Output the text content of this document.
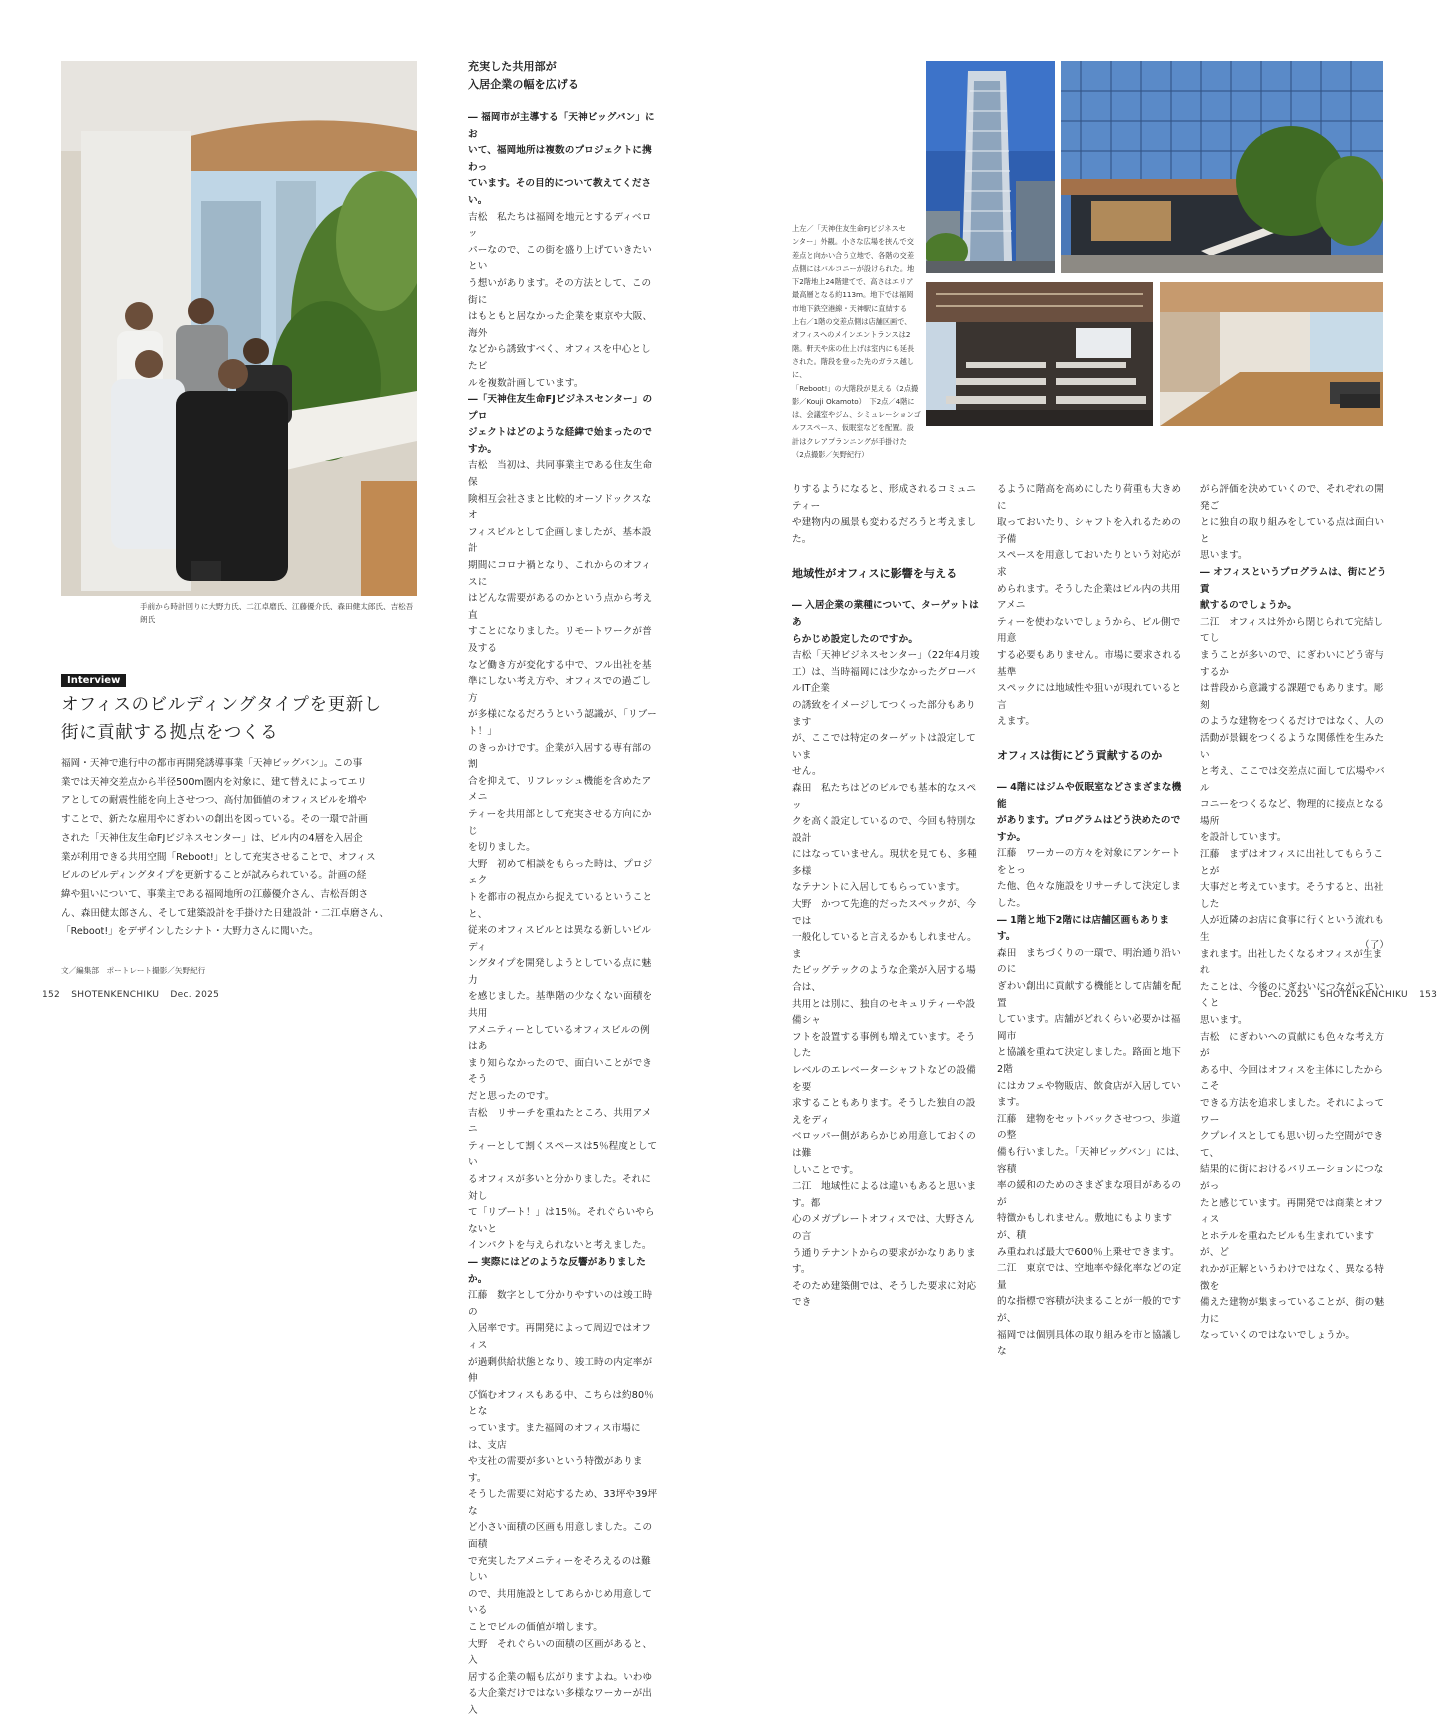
手前から時計回りに大野力氏、二江卓磨氏、江藤優介氏、森田健太郎氏、吉松吾朗氏
Interview
オフィスのビルディングタイプを更新し
街に貢献する拠点をつくる
福岡・天神で進行中の都市再開発誘導事業「天神ビッグバン」。この事
業では天神交差点から半径500m圏内を対象に、建て替えによってエリ
アとしての耐震性能を向上させつつ、高付加価値のオフィスビルを増や
すことで、新たな雇用やにぎわいの創出を図っている。その一環で計画
された「天神住友生命FJビジネスセンター」は、ビル内の4層を入居企
業が利用できる共用空間「Reboot!」として充実させることで、オフィス
ビルのビルディングタイプを更新することが試みられている。計画の経
緯や狙いについて、事業主である福岡地所の江藤優介さん、吉松吾朗さ
ん、森田健太郎さん、そして建築設計を手掛けた日建設計・二江卓磨さん、
「Reboot!」をデザインしたシナト・大野力さんに聞いた。
文／編集部　ポートレート撮影／矢野紀行

充実した共用部が
入居企業の幅を広げる

― 福岡市が主導する「天神ビッグバン」にお
いて、福岡地所は複数のプロジェクトに携わっ
ています。その目的について教えてください。

吉松　私たちは福岡を地元とするディベロッ
パーなので、この街を盛り上げていきたいとい
う想いがあります。その方法として、この街に
はもともと居なかった企業を東京や大阪、海外
などから誘致すべく、オフィスを中心としたビ
ルを複数計画しています。

―「天神住友生命FJビジネスセンター」のプロ
ジェクトはどのような経緯で始まったのですか。

吉松　当初は、共同事業主である住友生命保
険相互会社さまと比較的オーソドックスなオ
フィスビルとして企画しましたが、基本設計
期間にコロナ禍となり、これからのオフィスに
はどんな需要があるのかという点から考え直
すことになりました。リモートワークが普及する
など働き方が変化する中で、フル出社を基
準にしない考え方や、オフィスでの過ごし方
が多様になるだろうという認識が、「リブート！」
のきっかけです。企業が入居する専有部の割
合を抑えて、リフレッシュ機能を含めたアメニ
ティーを共用部として充実させる方向にかじ
を切りました。

大野　初めて相談をもらった時は、プロジェク
トを都市の視点から捉えているということと、
従来のオフィスビルとは異なる新しいビルディ
ングタイプを開発しようとしている点に魅力
を感じました。基準階の少なくない面積を共用
アメニティーとしているオフィスビルの例はあ
まり知らなかったので、面白いことができそう
だと思ったのです。

吉松　リサーチを重ねたところ、共用アメニ
ティーとして割くスペースは5％程度としてい
るオフィスが多いと分かりました。それに対し
て「リブート！」は15％。それぐらいやらないと
インパクトを与えられないと考えました。

― 実際にはどのような反響がありましたか。

江藤　数字として分かりやすいのは竣工時の
入居率です。再開発によって周辺ではオフィス
が過剰供給状態となり、竣工時の内定率が伸
び悩むオフィスもある中、こちらは約80％とな
っています。また福岡のオフィス市場には、支店
や支社の需要が多いという特徴があります。
そうした需要に対応するため、33坪や39坪な
ど小さい面積の区画も用意しました。この面積
で充実したアメニティーをそろえるのは難しい
ので、共用施設としてあらかじめ用意している
ことでビルの価値が増します。

大野　それぐらいの面積の区画があると、入
居する企業の幅も広がりますよね。いわゆ
る大企業だけではない多様なワーカーが出入

152 SHOTENKENCHIKU Dec. 2025
上左／「天神住友生命FJビジネスセ
ンター」外観。小さな広場を挟んで交
差点と向かい合う立地で、各階の交差
点側にはバルコニーが設けられた。地
下2階地上24階建てで、高さはエリア
最高層となる約113m。地下では福岡
市地下鉄空港線・天神駅に直結する
上右／1階の交差点側は店舗区画で、
オフィスへのメインエントランスは2
階。軒天や床の仕上げは室内にも延長
された。階段を登った先のガラス越しに、
「Reboot!」の大階段が見える（2点撮
影／Kouji Okamoto）　下2点／4階に
は、会議室やジム、シミュレーションゴ
ルフスペース、仮眠室などを配置。設
計はクレアプランニングが手掛けた
（2点撮影／矢野紀行）

りするようになると、形成されるコミュニティー
や建物内の風景も変わるだろうと考えました。

地域性がオフィスに影響を与える

― 入居企業の業種について、ターゲットはあ
らかじめ設定したのですか。

吉松「天神ビジネスセンター」（22年4月竣
工）は、当時福岡には少なかったグローバルIT企業
の誘致をイメージしてつくった部分もあります
が、ここでは特定のターゲットは設定していま
せん。

森田　私たちはどのビルでも基本的なスペッ
クを高く設定しているので、今回も特別な設計
にはなっていません。現状を見ても、多種多様
なテナントに入居してもらっています。

大野　かつて先進的だったスペックが、今では
一般化していると言えるかもしれません。ま
たビッグテックのような企業が入居する場合は、
共用とは別に、独自のセキュリティーや設備シャ
フトを設置する事例も増えています。そうした
レベルのエレベーターシャフトなどの設備を要
求することもあります。そうした独自の設えをディ
ベロッパー側があらかじめ用意しておくのは難
しいことです。

二江　地域性によるは違いもあると思います。都
心のメガプレートオフィスでは、大野さんの言
う通りテナントからの要求がかなりあります。
そのため建築側では、そうした要求に対応でき

るように階高を高めにしたり荷重も大きめに
取っておいたり、シャフトを入れるための予備
スペースを用意しておいたりという対応が求
められます。そうした企業はビル内の共用アメニ
ティーを使わないでしょうから、ビル側で用意
する必要もありません。市場に要求される基準
スペックには地域性や狙いが現れていると言
えます。

オフィスは街にどう貢献するのか

― 4階にはジムや仮眠室などさまざまな機能
があります。プログラムはどう決めたのですか。

江藤　ワーカーの方々を対象にアンケートをとっ
た他、色々な施設をリサーチして決定しました。

― 1階と地下2階には店舗区画もあります。

森田　まちづくりの一環で、明治通り沿いのに
ぎわい創出に貢献する機能として店舗を配置
しています。店舗がどれくらい必要かは福岡市
と協議を重ねて決定しました。路面と地下2階
にはカフェや物販店、飲食店が入居しています。

江藤　建物をセットバックさせつつ、歩道の整
備も行いました。「天神ビッグバン」には、容積
率の緩和のためのさまざまな項目があるのが
特徴かもしれません。敷地にもよりますが、積
み重ねれば最大で600％上乗せできます。

二江　東京では、空地率や緑化率などの定量
的な指標で容積が決まることが一般的ですが、
福岡では個別具体の取り組みを市と協議しな

がら評価を決めていくので、それぞれの開発ご
とに独自の取り組みをしている点は面白いと
思います。

― オフィスというプログラムは、街にどう貢
献するのでしょうか。

二江　オフィスは外から閉じられて完結してし
まうことが多いので、にぎわいにどう寄与するか
は普段から意識する課題でもあります。彫刻
のような建物をつくるだけではなく、人の
活動が景観をつくるような関係性を生みたい
と考え、ここでは交差点に面して広場やバル
コニーをつくるなど、物理的に接点となる場所
を設計しています。

江藤　まずはオフィスに出社してもらうことが
大事だと考えています。そうすると、出社した
人が近隣のお店に食事に行くという流れも生
まれます。出社したくなるオフィスが生まれ
たことは、今後のにぎわいにつながっていくと
思います。

吉松　にぎわいへの貢献にも色々な考え方が
ある中、今回はオフィスを主体にしたからこそ
できる方法を追求しました。それによってワー
クプレイスとしても思い切った空間ができて、
結果的に街におけるバリエーションにつながっ
たと感じています。再開発では商業とオフィス
とホテルを重ねたビルも生まれていますが、ど
れかが正解というわけではなく、異なる特徴を
備えた建物が集まっていることが、街の魅力に
なっていくのではないでしょうか。

（了）
Dec. 2025 SHOTENKENCHIKU 153
